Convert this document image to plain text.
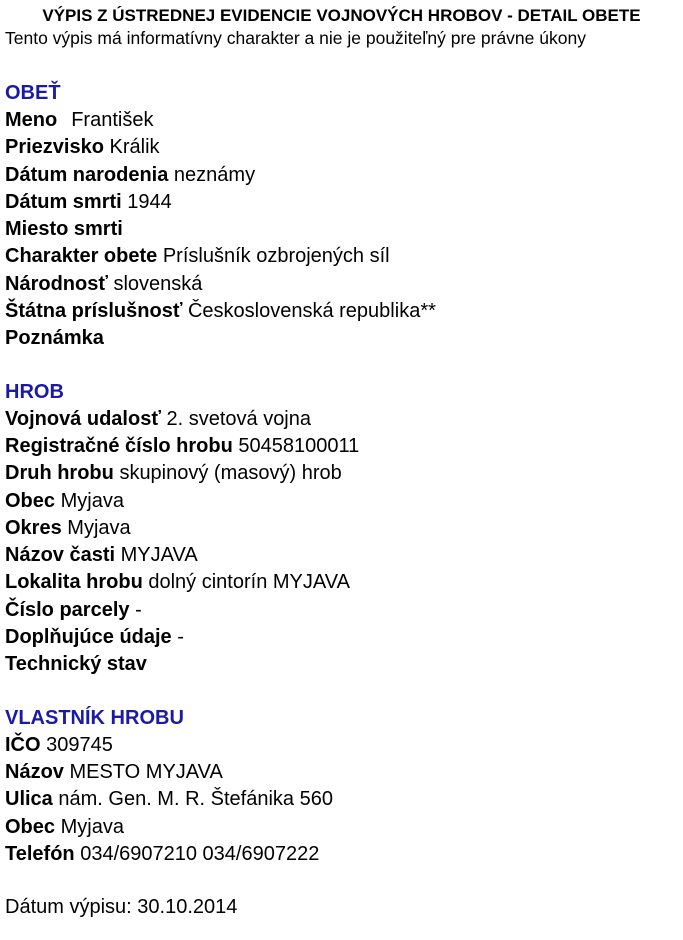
VÝPIS Z ÚSTREDNEJ EVIDENCIE VOJNOVÝCH HROBOV - DETAIL OBETE
Tento výpis má informatívny charakter a nie je použiteľný pre právne úkony
OBEŤ
Meno František
Priezvisko Králik
Dátum narodenia neznámy
Dátum smrti 1944
Miesto smrti
Charakter obete Príslušník ozbrojených síl
Národnosť slovenská
Štátna príslušnosť Československá republika**
Poznámka
HROB
Vojnová udalosť 2. svetová vojna
Registračné číslo hrobu 50458100011
Druh hrobu skupinový (masový) hrob
Obec Myjava
Okres Myjava
Názov časti MYJAVA
Lokalita hrobu dolný cintorín MYJAVA
Číslo parcely -
Doplňujúce údaje -
Technický stav
VLASTNÍK HROBU
IČO 309745
Názov MESTO MYJAVA
Ulica nám. Gen. M. R. Štefánika 560
Obec Myjava
Telefón 034/6907210 034/6907222
Dátum výpisu: 30.10.2014
